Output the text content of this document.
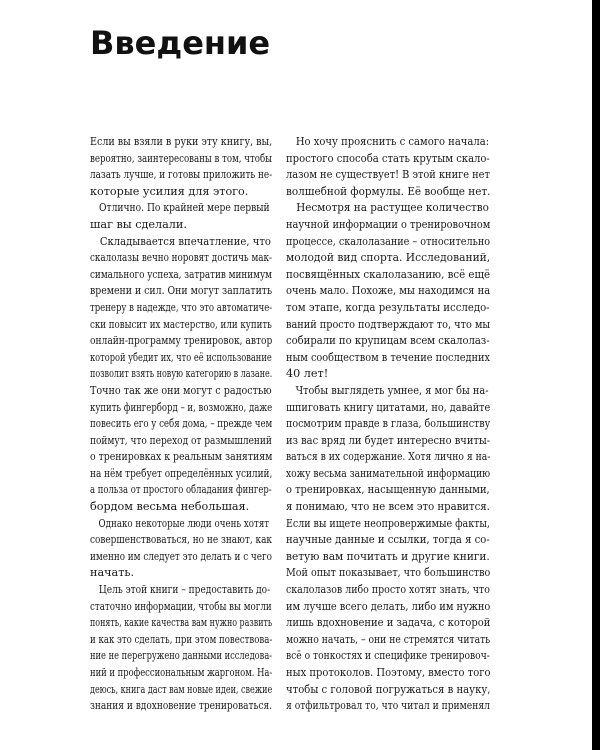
Введение
Если вы взяли в руки эту книгу, вы,
вероятно, заинтересованы в том, чтобы
лазать лучше, и готовы приложить не-
которые усилия для этого.
Отлично. По крайней мере первый
шаг вы сделали.
Складывается впечатление, что
скалолазы вечно норовят достичь мак-
симального успеха, затратив минимум
времени и сил. Они могут заплатить
тренеру в надежде, что это автоматиче-
ски повысит их мастерство, или купить
онлайн-программу тренировок, автор
которой убедит их, что её использование
позволит взять новую категорию в лазане.
Точно так же они могут с радостью
купить фингерборд – и, возможно, даже
повесить его у себя дома, – прежде чем
поймут, что переход от размышлений
о тренировках к реальным занятиям
на нём требует определённых усилий,
а польза от простого обладания фингер-
бордом весьма небольшая.
Однако некоторые люди очень хотят
совершенствоваться, но не знают, как
именно им следует это делать и с чего
начать.
Цель этой книги – предоставить до-
статочно информации, чтобы вы могли
понять, какие качества вам нужно развить
и как это сделать, при этом повествова-
ние не перегружено данными исследова-
ний и профессиональным жаргоном. На-
деюсь, книга даст вам новые идеи, свежие
знания и вдохновение тренироваться.
Но хочу прояснить с самого начала:
простого способа стать крутым скало-
лазом не существует! В этой книге нет
волшебной формулы. Её вообще нет.
Несмотря на растущее количество
научной информации о тренировочном
процессе, скалолазание – относительно
молодой вид спорта. Исследований,
посвящённых скалолазанию, всё ещё
очень мало. Похоже, мы находимся на
том этапе, когда результаты исследо-
ваний просто подтверждают то, что мы
собирали по крупицам всем скалолаз-
ным сообществом в течение последних
40 лет!
Чтобы выглядеть умнее, я мог бы на-
шпиговать книгу цитатами, но, давайте
посмотрим правде в глаза, большинству
из вас вряд ли будет интересно вчиты-
ваться в их содержание. Хотя лично я на-
хожу весьма занимательной информацию
о тренировках, насыщенную данными,
я понимаю, что не всем это нравится.
Если вы ищете неопровержимые факты,
научные данные и ссылки, тогда я со-
ветую вам почитать и другие книги.
Мой опыт показывает, что большинство
скалолазов либо просто хотят знать, что
им лучше всего делать, либо им нужно
лишь вдохновение и задача, с которой
можно начать, – они не стремятся читать
всё о тонкостях и специфике тренировоч-
ных протоколов. Поэтому, вместо того
чтобы с головой погружаться в науку,
я отфильтровал то, что читал и применял
